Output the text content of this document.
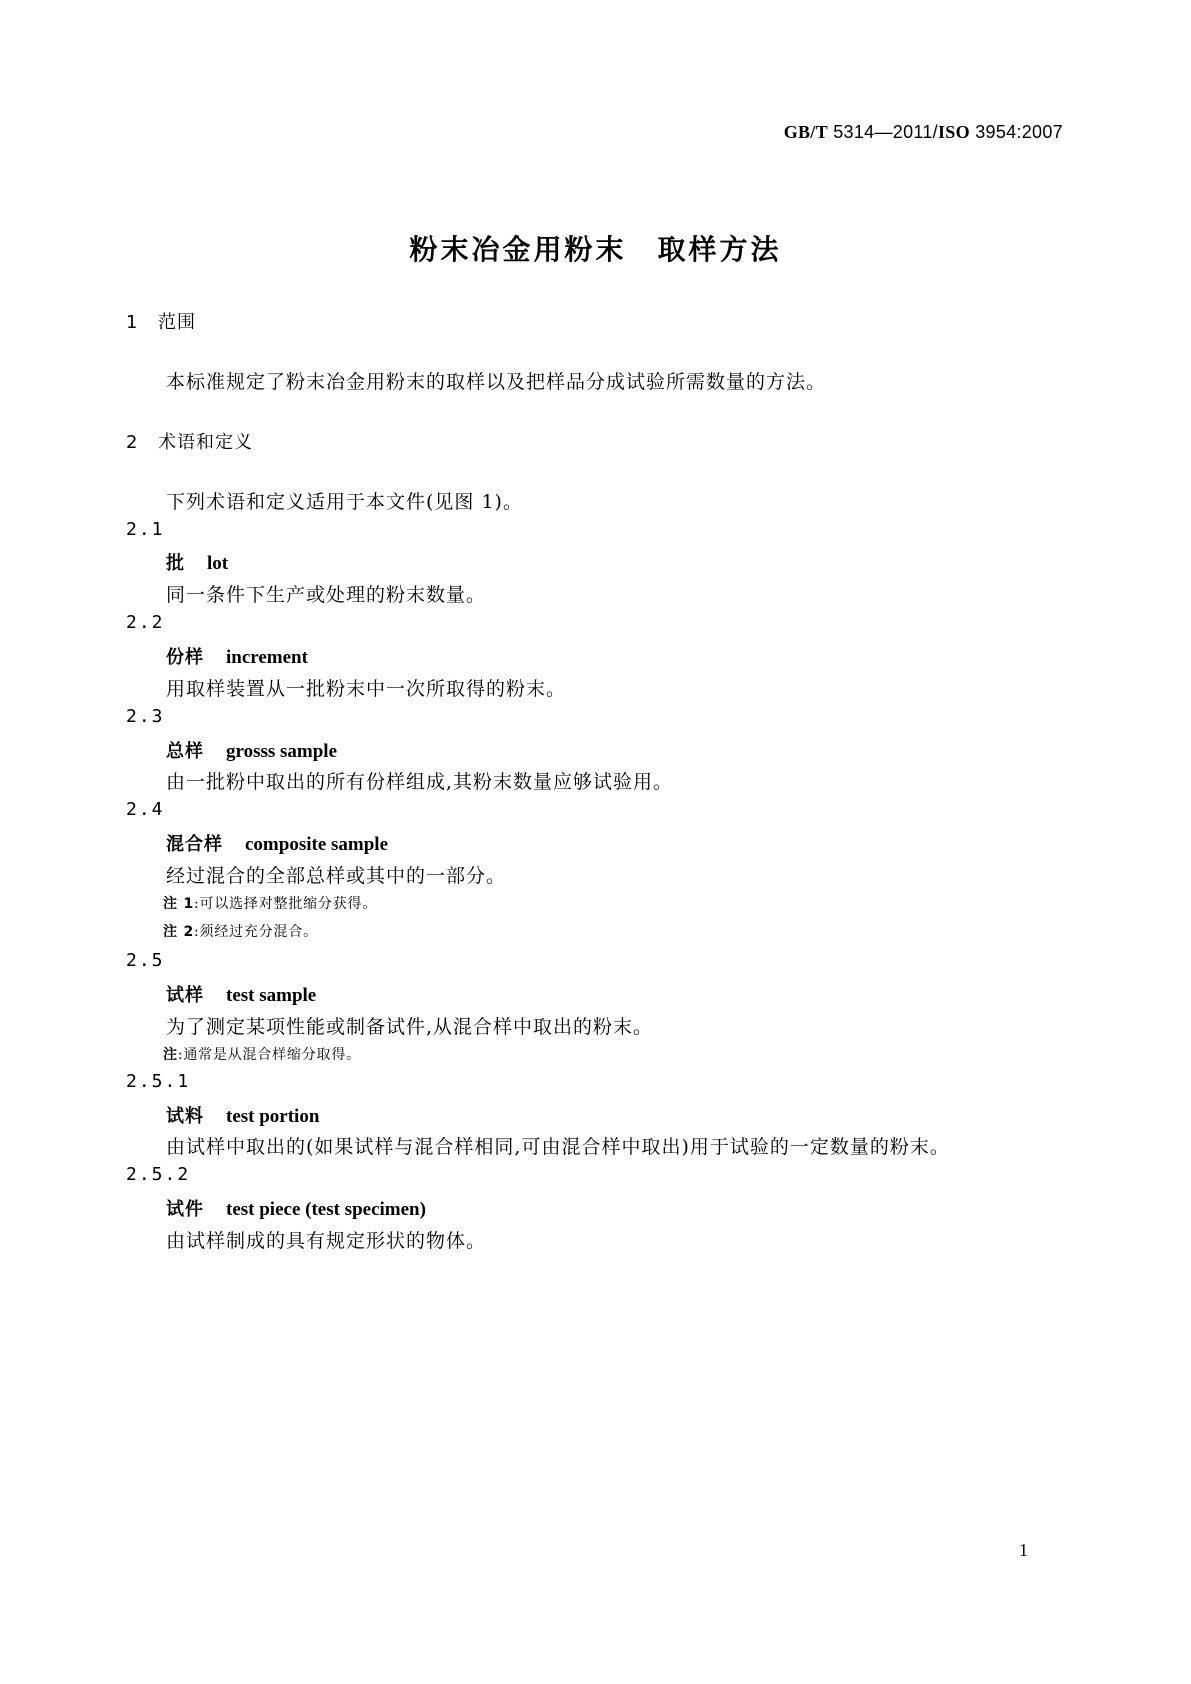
GB/T 5314—2011/ISO 3954:2007
粉末冶金用粉末　取样方法
1 范围
本标准规定了粉末冶金用粉末的取样以及把样品分成试验所需数量的方法。
2 术语和定义
下列术语和定义适用于本文件(见图 1)。
2.1
批 lot
同一条件下生产或处理的粉末数量。
2.2
份样 increment
用取样装置从一批粉末中一次所取得的粉末。
2.3
总样 grosss sample
由一批粉中取出的所有份样组成,其粉末数量应够试验用。
2.4
混合样 composite sample
经过混合的全部总样或其中的一部分。
注 1:可以选择对整批缩分获得。
注 2:须经过充分混合。
2.5
试样 test sample
为了测定某项性能或制备试件,从混合样中取出的粉末。
注:通常是从混合样缩分取得。
2.5.1
试料 test portion
由试样中取出的(如果试样与混合样相同,可由混合样中取出)用于试验的一定数量的粉末。
2.5.2
试件 test piece (test specimen)
由试样制成的具有规定形状的物体。
1
